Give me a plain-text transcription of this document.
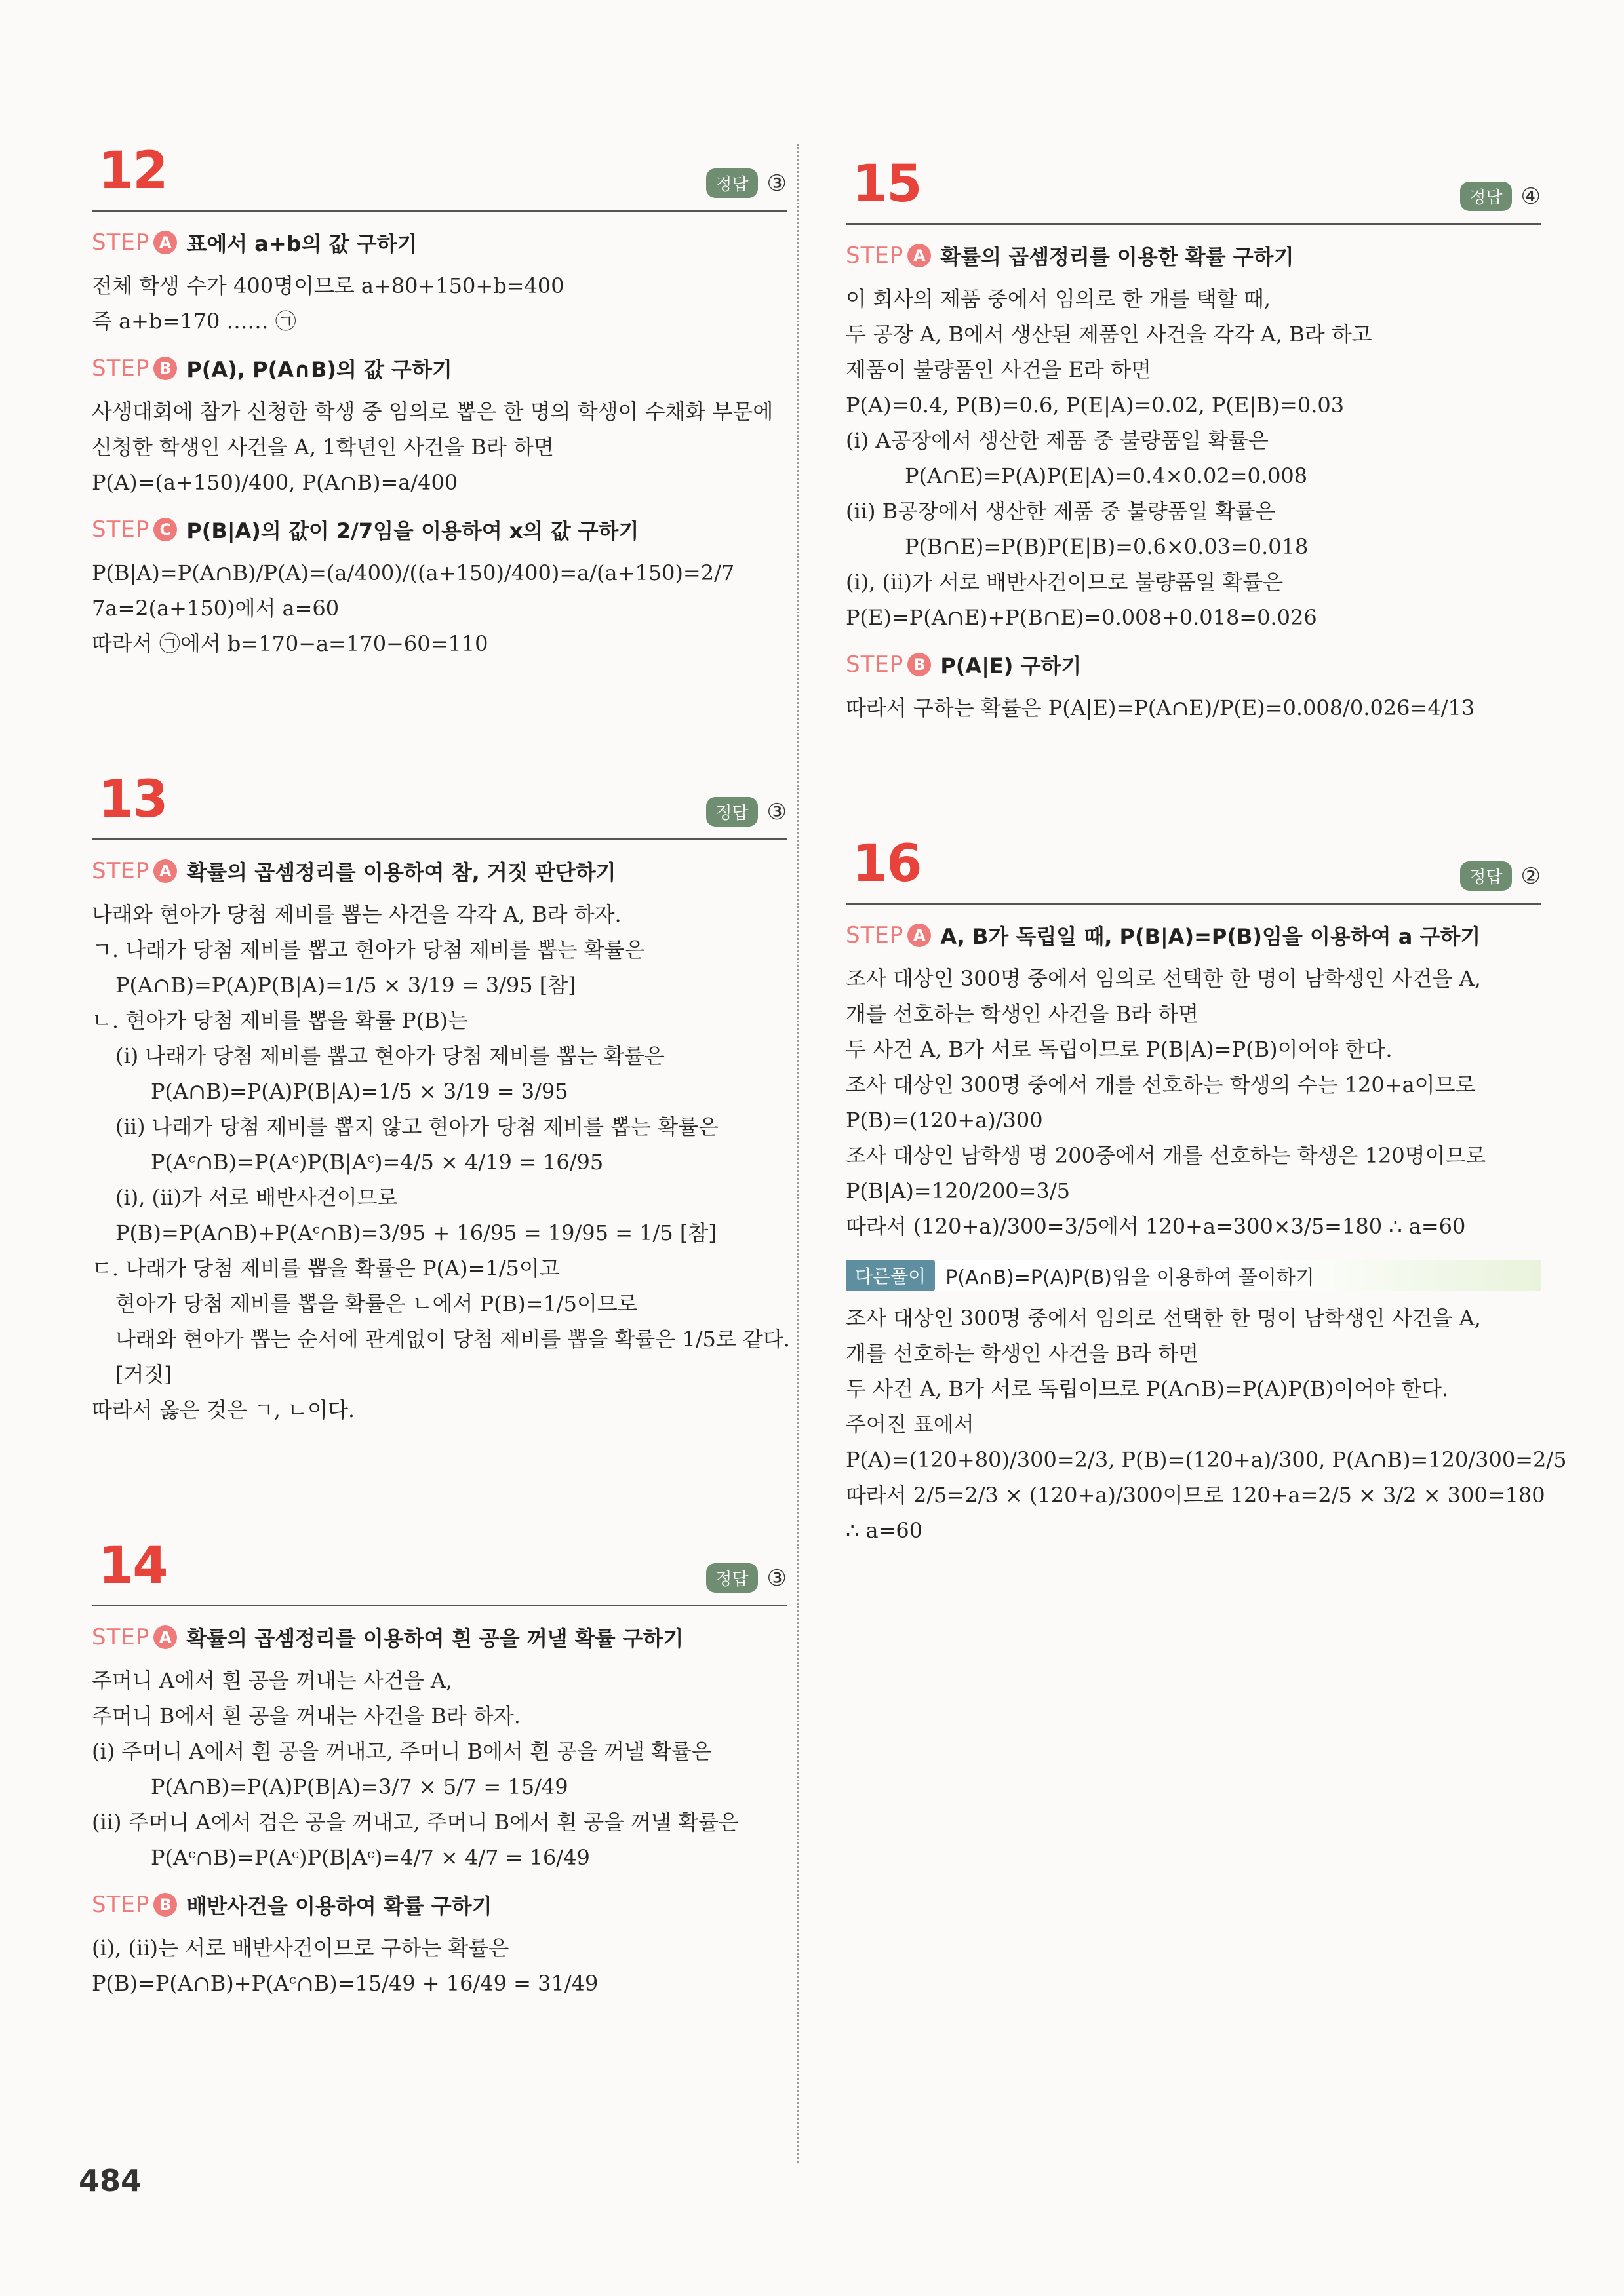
12	정답 ③
STEP A 표에서 a+b의 값 구하기
전체 학생 수가 400명이므로 a+80+150+b=400
즉 a+b=170 …… ㉠
STEP B P(A), P(A∩B)의 값 구하기
사생대회에 참가 신청한 학생 중 임의로 뽑은 한 명의 학생이 수채화 부문에
신청한 학생인 사건을 A, 1학년인 사건을 B라 하면
P(A)=(a+150)/400, P(A∩B)=a/400
STEP C P(B|A)의 값이 2/7임을 이용하여 x의 값 구하기
P(B|A)=P(A∩B)/P(A)=(a/400)/((a+150)/400)=a/(a+150)=2/7
7a=2(a+150)에서 a=60
따라서 ㉠에서 b=170−a=170−60=110
13	정답 ③
STEP A 확률의 곱셈정리를 이용하여 참, 거짓 판단하기
나래와 현아가 당첨 제비를 뽑는 사건을 각각 A, B라 하자.
ㄱ. 나래가 당첨 제비를 뽑고 현아가 당첨 제비를 뽑는 확률은
P(A∩B)=P(A)P(B|A)=1/5 × 3/19 = 3/95 [참]
ㄴ. 현아가 당첨 제비를 뽑을 확률 P(B)는
(ⅰ) 나래가 당첨 제비를 뽑고 현아가 당첨 제비를 뽑는 확률은
P(A∩B)=P(A)P(B|A)=1/5 × 3/19 = 3/95
(ⅱ) 나래가 당첨 제비를 뽑지 않고 현아가 당첨 제비를 뽑는 확률은
P(Aᶜ∩B)=P(Aᶜ)P(B|Aᶜ)=4/5 × 4/19 = 16/95
(ⅰ), (ⅱ)가 서로 배반사건이므로
P(B)=P(A∩B)+P(Aᶜ∩B)=3/95 + 16/95 = 19/95 = 1/5 [참]
ㄷ. 나래가 당첨 제비를 뽑을 확률은 P(A)=1/5이고
현아가 당첨 제비를 뽑을 확률은 ㄴ에서 P(B)=1/5이므로
나래와 현아가 뽑는 순서에 관계없이 당첨 제비를 뽑을 확률은 1/5로 같다.
[거짓]
따라서 옳은 것은 ㄱ, ㄴ이다.
14	정답 ③
STEP A 확률의 곱셈정리를 이용하여 흰 공을 꺼낼 확률 구하기
주머니 A에서 흰 공을 꺼내는 사건을 A,
주머니 B에서 흰 공을 꺼내는 사건을 B라 하자.
(ⅰ) 주머니 A에서 흰 공을 꺼내고, 주머니 B에서 흰 공을 꺼낼 확률은
P(A∩B)=P(A)P(B|A)=3/7 × 5/7 = 15/49
(ⅱ) 주머니 A에서 검은 공을 꺼내고, 주머니 B에서 흰 공을 꺼낼 확률은
P(Aᶜ∩B)=P(Aᶜ)P(B|Aᶜ)=4/7 × 4/7 = 16/49
STEP B 배반사건을 이용하여 확률 구하기
(ⅰ), (ⅱ)는 서로 배반사건이므로 구하는 확률은
P(B)=P(A∩B)+P(Aᶜ∩B)=15/49 + 16/49 = 31/49
15	정답 ④
STEP A 확률의 곱셈정리를 이용한 확률 구하기
이 회사의 제품 중에서 임의로 한 개를 택할 때,
두 공장 A, B에서 생산된 제품인 사건을 각각 A, B라 하고
제품이 불량품인 사건을 E라 하면
P(A)=0.4, P(B)=0.6, P(E|A)=0.02, P(E|B)=0.03
(ⅰ) A공장에서 생산한 제품 중 불량품일 확률은
P(A∩E)=P(A)P(E|A)=0.4×0.02=0.008
(ⅱ) B공장에서 생산한 제품 중 불량품일 확률은
P(B∩E)=P(B)P(E|B)=0.6×0.03=0.018
(ⅰ), (ⅱ)가 서로 배반사건이므로 불량품일 확률은
P(E)=P(A∩E)+P(B∩E)=0.008+0.018=0.026
STEP B P(A|E) 구하기
따라서 구하는 확률은 P(A|E)=P(A∩E)/P(E)=0.008/0.026=4/13
16	정답 ②
STEP A A, B가 독립일 때, P(B|A)=P(B)임을 이용하여 a 구하기
조사 대상인 300명 중에서 임의로 선택한 한 명이 남학생인 사건을 A,
개를 선호하는 학생인 사건을 B라 하면
두 사건 A, B가 서로 독립이므로 P(B|A)=P(B)이어야 한다.
조사 대상인 300명 중에서 개를 선호하는 학생의 수는 120+a이므로
P(B)=(120+a)/300
조사 대상인 남학생 명 200중에서 개를 선호하는 학생은 120명이므로
P(B|A)=120/200=3/5
따라서 (120+a)/300=3/5에서 120+a=300×3/5=180 ∴ a=60
다른풀이	P(A∩B)=P(A)P(B)임을 이용하여 풀이하기
조사 대상인 300명 중에서 임의로 선택한 한 명이 남학생인 사건을 A,
개를 선호하는 학생인 사건을 B라 하면
두 사건 A, B가 서로 독립이므로 P(A∩B)=P(A)P(B)이어야 한다.
주어진 표에서
P(A)=(120+80)/300=2/3, P(B)=(120+a)/300, P(A∩B)=120/300=2/5
따라서 2/5=2/3 × (120+a)/300이므로 120+a=2/5 × 3/2 × 300=180
∴ a=60
484
